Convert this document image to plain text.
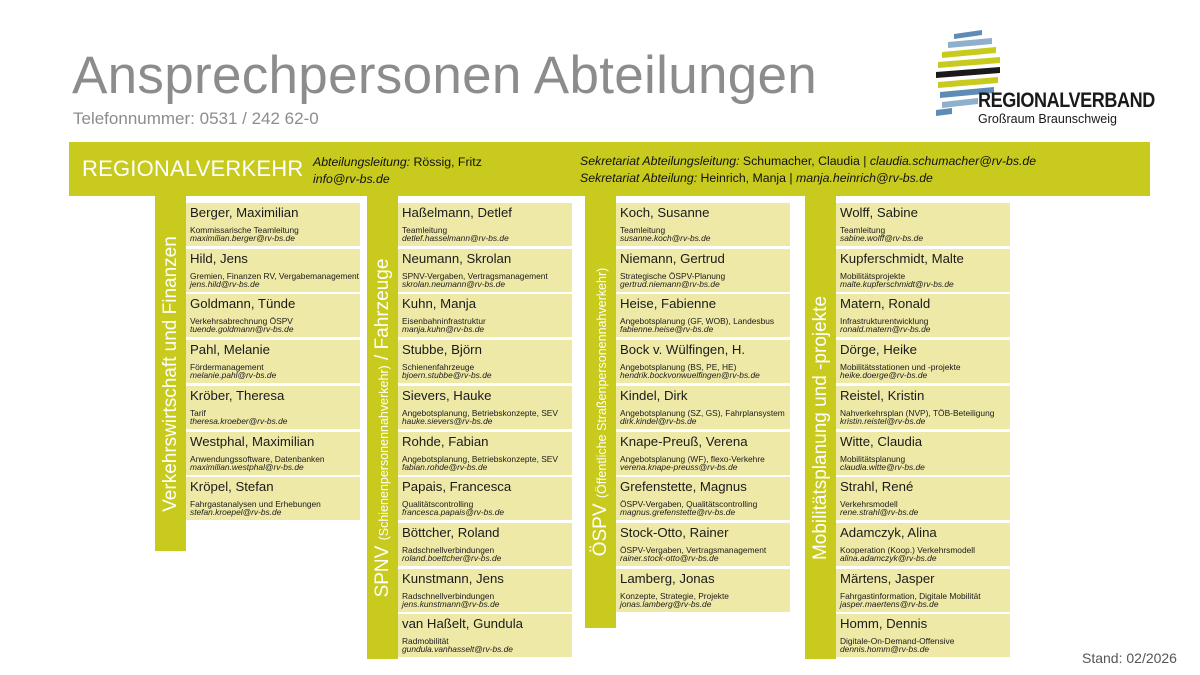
Ansprechpersonen Abteilungen
Telefonnummer: 0531 / 242 62-0
REGIONALVERBAND
Großraum Braunschweig
REGIONALVERKEHR Abteilungsleitung: Rössig, Fritz
info@rv-bs.de
Sekretariat Abteilungsleitung: Schumacher, Claudia | claudia.schumacher@rv-bs.de
Sekretariat Abteilung: Heinrich, Manja | manja.heinrich@rv-bs.de
Verkehrswirtschaft und Finanzen
Berger, Maximilian
Kommissarische Teamleitung
maximilian.berger@rv-bs.de
Hild, Jens
Gremien, Finanzen RV, Vergabemanagement
jens.hild@rv-bs.de
Goldmann, Tünde
Verkehrsabrechnung ÖSPV
tuende.goldmann@rv-bs.de
Pahl, Melanie
Fördermanagement
melanie.pahl@rv-bs.de
Kröber, Theresa
Tarif
theresa.kroeber@rv-bs.de
Westphal, Maximilian
Anwendungssoftware, Datenbanken
maximilian.westphal@rv-bs.de
Kröpel, Stefan
Fahrgastanalysen und Erhebungen
stefan.kroepel@rv-bs.de
SPNV (Schienenpersonennahverkehr) / Fahrzeuge
Haßelmann, Detlef
Teamleitung
detlef.hasselmann@rv-bs.de
Neumann, Skrolan
SPNV-Vergaben, Vertragsmanagement
skrolan.neumann@rv-bs.de
Kuhn, Manja
Eisenbahninfrastruktur
manja.kuhn@rv-bs.de
Stubbe, Björn
Schienenfahrzeuge
bjoern.stubbe@rv-bs.de
Sievers, Hauke
Angebotsplanung, Betriebskonzepte, SEV
hauke.sievers@rv-bs.de
Rohde, Fabian
Angebotsplanung, Betriebskonzepte, SEV
fabian.rohde@rv-bs.de
Papais, Francesca
Qualitätscontrolling
francesca.papais@rv-bs.de
Böttcher, Roland
Radschnellverbindungen
roland.boettcher@rv-bs.de
Kunstmann, Jens
Radschnellverbindungen
jens.kunstmann@rv-bs.de
van Haßelt, Gundula
Radmobilität
gundula.vanhasselt@rv-bs.de
ÖSPV (Öffentliche Straßenpersonennahverkehr)
Koch, Susanne
Teamleitung
susanne.koch@rv-bs.de
Niemann, Gertrud
Strategische ÖSPV-Planung
gertrud.niemann@rv-bs.de
Heise, Fabienne
Angebotsplanung (GF, WOB), Landesbus
fabienne.heise@rv-bs.de
Bock v. Wülfingen, H.
Angebotsplanung (BS, PE, HE)
hendrik.bockvonwuelfingen@rv-bs.de
Kindel, Dirk
Angebotsplanung (SZ, GS), Fahrplansystem
dirk.kindel@rv-bs.de
Knape-Preuß, Verena
Angebotsplanung (WF), flexo-Verkehre
verena.knape-preuss@rv-bs.de
Grefenstette, Magnus
ÖSPV-Vergaben, Qualitätscontrolling
magnus.grefenstette@rv-bs.de
Stock-Otto, Rainer
ÖSPV-Vergaben, Vertragsmanagement
rainer.stock-otto@rv-bs.de
Lamberg, Jonas
Konzepte, Strategie, Projekte
jonas.lamberg@rv-bs.de
Mobilitätsplanung und -projekte
Wolff, Sabine
Teamleitung
sabine.wolff@rv-bs.de
Kupferschmidt, Malte
Mobilitätsprojekte
malte.kupferschmidt@rv-bs.de
Matern, Ronald
Infrastrukturentwicklung
ronald.matern@rv-bs.de
Dörge, Heike
Mobilitätsstationen und -projekte
heike.doerge@rv-bs.de
Reistel, Kristin
Nahverkehrsplan (NVP), TÖB-Beteiligung
kristin.reistel@rv-bs.de
Witte, Claudia
Mobilitätsplanung
claudia.witte@rv-bs.de
Strahl, René
Verkehrsmodell
rene.strahl@rv-bs.de
Adamczyk, Alina
Kooperation (Koop.) Verkehrsmodell
alina.adamczyk@rv-bs.de
Märtens, Jasper
Fahrgastinformation, Digitale Mobilität
jasper.maertens@rv-bs.de
Homm, Dennis
Digitale-On-Demand-Offensive
dennis.homm@rv-bs.de
Stand: 02/2026
